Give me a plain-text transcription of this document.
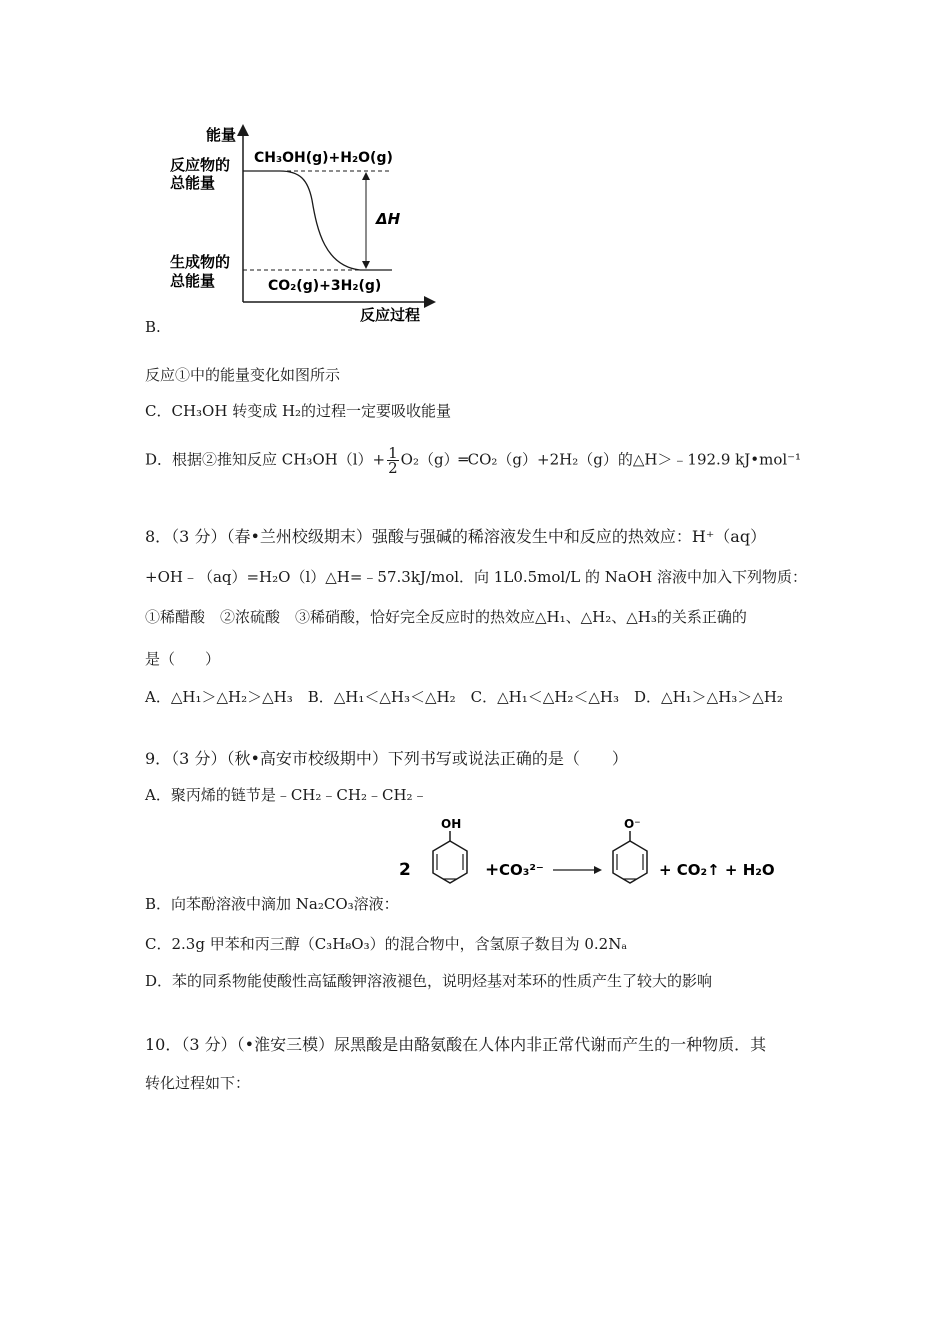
能量
反应物的
总能量
生成物的
总能量
反应过程
CH₃OH(g)+H₂O(g)
CO₂(g)+3H₂(g)
ΔH
B.
反应①中的能量变化如图所示
C．CH₃OH 转变成 H₂的过程一定要吸收能量
D．根据②推知反应 $CH_3OH(l)+ \frac{1}{2}$ O₂（g）═CO₂（g）+2H₂（g）的△H＞﹣192.9 kJ•mol⁻¹
8．（3 分）（春•兰州校级期末）强酸与强碱的稀溶液发生中和反应的热效应：H⁺（aq）
+OH﹣（aq）=H₂O（l）△H=﹣57.3kJ/mol．向 1L0.5mol/L 的 NaOH 溶液中加入下列物质：
①稀醋酸　②浓硫酸　③稀硝酸，恰好完全反应时的热效应△H₁、△H₂、△H₃的关系正确的
是（　　）
A．△H₁＞△H₂＞△H₃　B．△H₁＜△H₃＜△H₂　C．△H₁＜△H₂＜△H₃　D．△H₁＞△H₃＞△H₂
9．（3 分）（秋•高安市校级期中）下列书写或说法正确的是（　　）
A．聚丙烯的链节是﹣CH₂﹣CH₂﹣CH₂﹣
2
OH
+ CO₃²⁻
O⁻
+ CO₂↑ + H₂O
B．向苯酚溶液中滴加 Na₂CO₃溶液：
C．2.3g 甲苯和丙三醇（C₃H₈O₃）的混合物中，含氢原子数目为 0.2Nₐ
D．苯的同系物能使酸性高锰酸钾溶液褪色，说明烃基对苯环的性质产生了较大的影响
10．（3 分）（•淮安三模）尿黑酸是由酪氨酸在人体内非正常代谢而产生的一种物质．其
转化过程如下：
